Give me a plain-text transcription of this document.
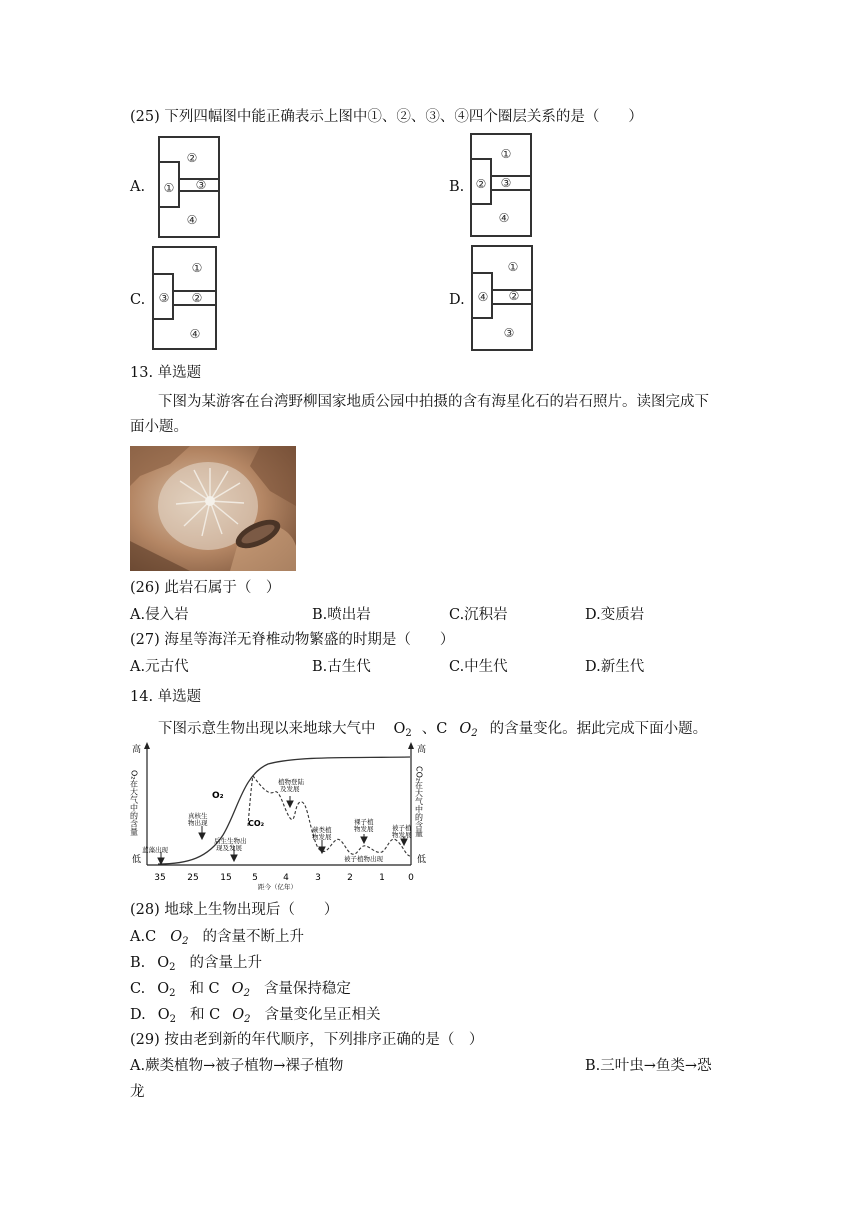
(25) 下列四幅图中能正确表示上图中①、②、③、④四个圈层关系的是（　　）
A.
②
① ③
④
B.
①
② ③
④
C.
①
③ ②
④
D.
①
④ ②
③
13. 单选题
下图为某游客在台湾野柳国家地质公园中拍摄的含有海星化石的岩石照片。读图完成下
面小题。
(26) 此岩石属于（　）
A.侵入岩	B.喷出岩	C.沉积岩	D.变质岩
(27) 海星等海洋无脊椎动物繁盛的时期是（　　）
A.元古代	B.古生代	C.中生代	D.新生代
14. 单选题
下图示意生物出现以来地球大气中 $O_2$ 、C $O_2$ 的含量变化。据此完成下面小题。
高
低
高
低
O₂在大气中的含量	CO₂在大气中的含量
O₂
CO₂
蓝藻出现
真核生
物出现
后生生物出
现及发展
植物登陆
及发展
蕨类植
物发展
裸子植
物发展	被子植
物发展
被子植物出现
35 25 15 5	4	3	2	1	0
距今（亿年）
(28) 地球上生物出现后（　　）
A.C $O_2$ 的含量不断上升
B. $O_2$ 的含量上升
C. $O_2$ 和 C $O_2$ 含量保持稳定
D. $O_2$ 和 C $O_2$ 含量变化呈正相关
(29) 按由老到新的年代顺序，下列排序正确的是（　）
A.蕨类植物→被子植物→裸子植物	B.三叶虫→鱼类→恐
龙
